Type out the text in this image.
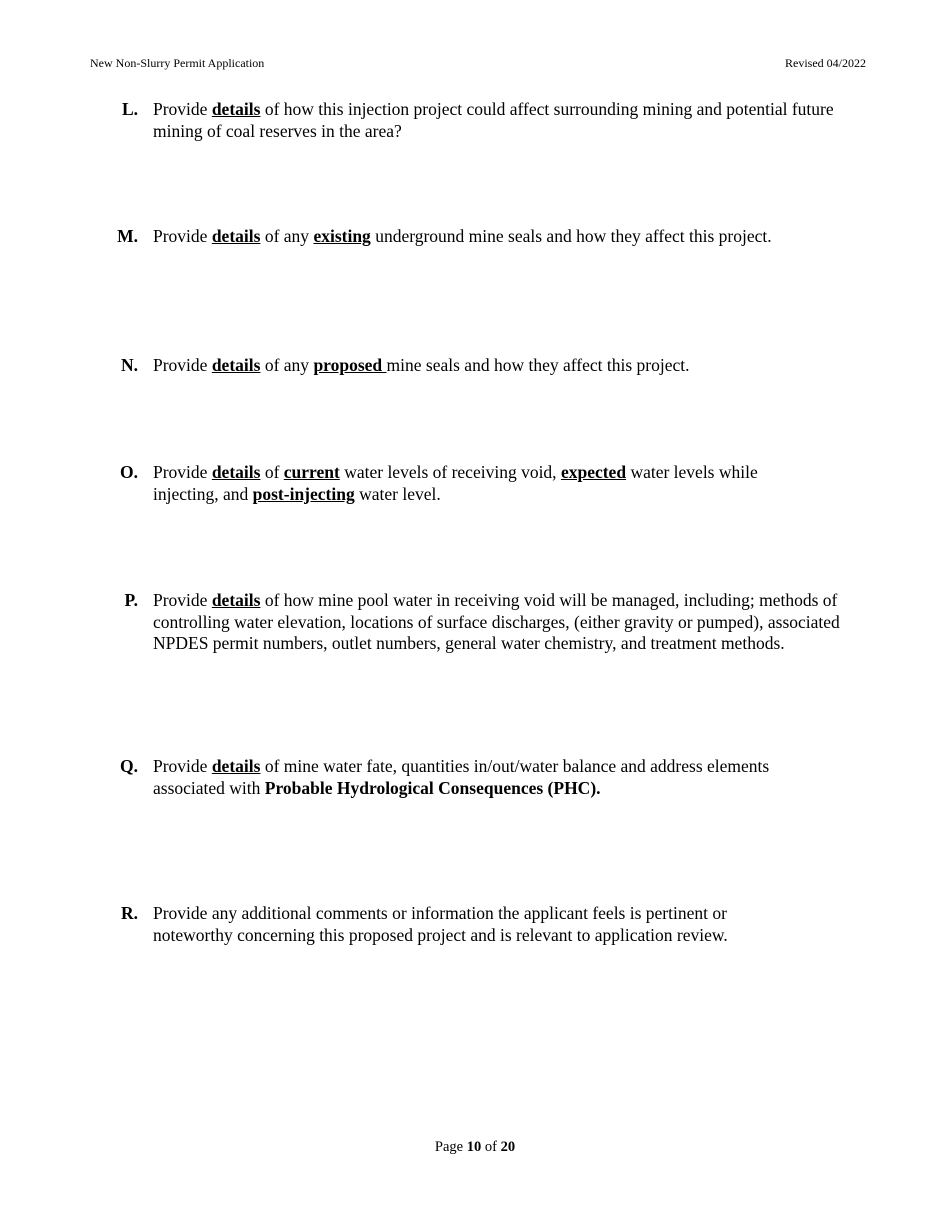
New Non-Slurry Permit Application	Revised 04/2022
L. Provide details of how this injection project could affect surrounding mining and potential future mining of coal reserves in the area?
M. Provide details of any existing underground mine seals and how they affect this project.
N. Provide details of any proposed mine seals and how they affect this project.
O. Provide details of current water levels of receiving void, expected water levels while injecting, and post-injecting water level.
P. Provide details of how mine pool water in receiving void will be managed, including; methods of controlling water elevation, locations of surface discharges, (either gravity or pumped), associated NPDES permit numbers, outlet numbers, general water chemistry, and treatment methods.
Q. Provide details of mine water fate, quantities in/out/water balance and address elements associated with Probable Hydrological Consequences (PHC).
R. Provide any additional comments or information the applicant feels is pertinent or noteworthy concerning this proposed project and is relevant to application review.
Page 10 of 20
